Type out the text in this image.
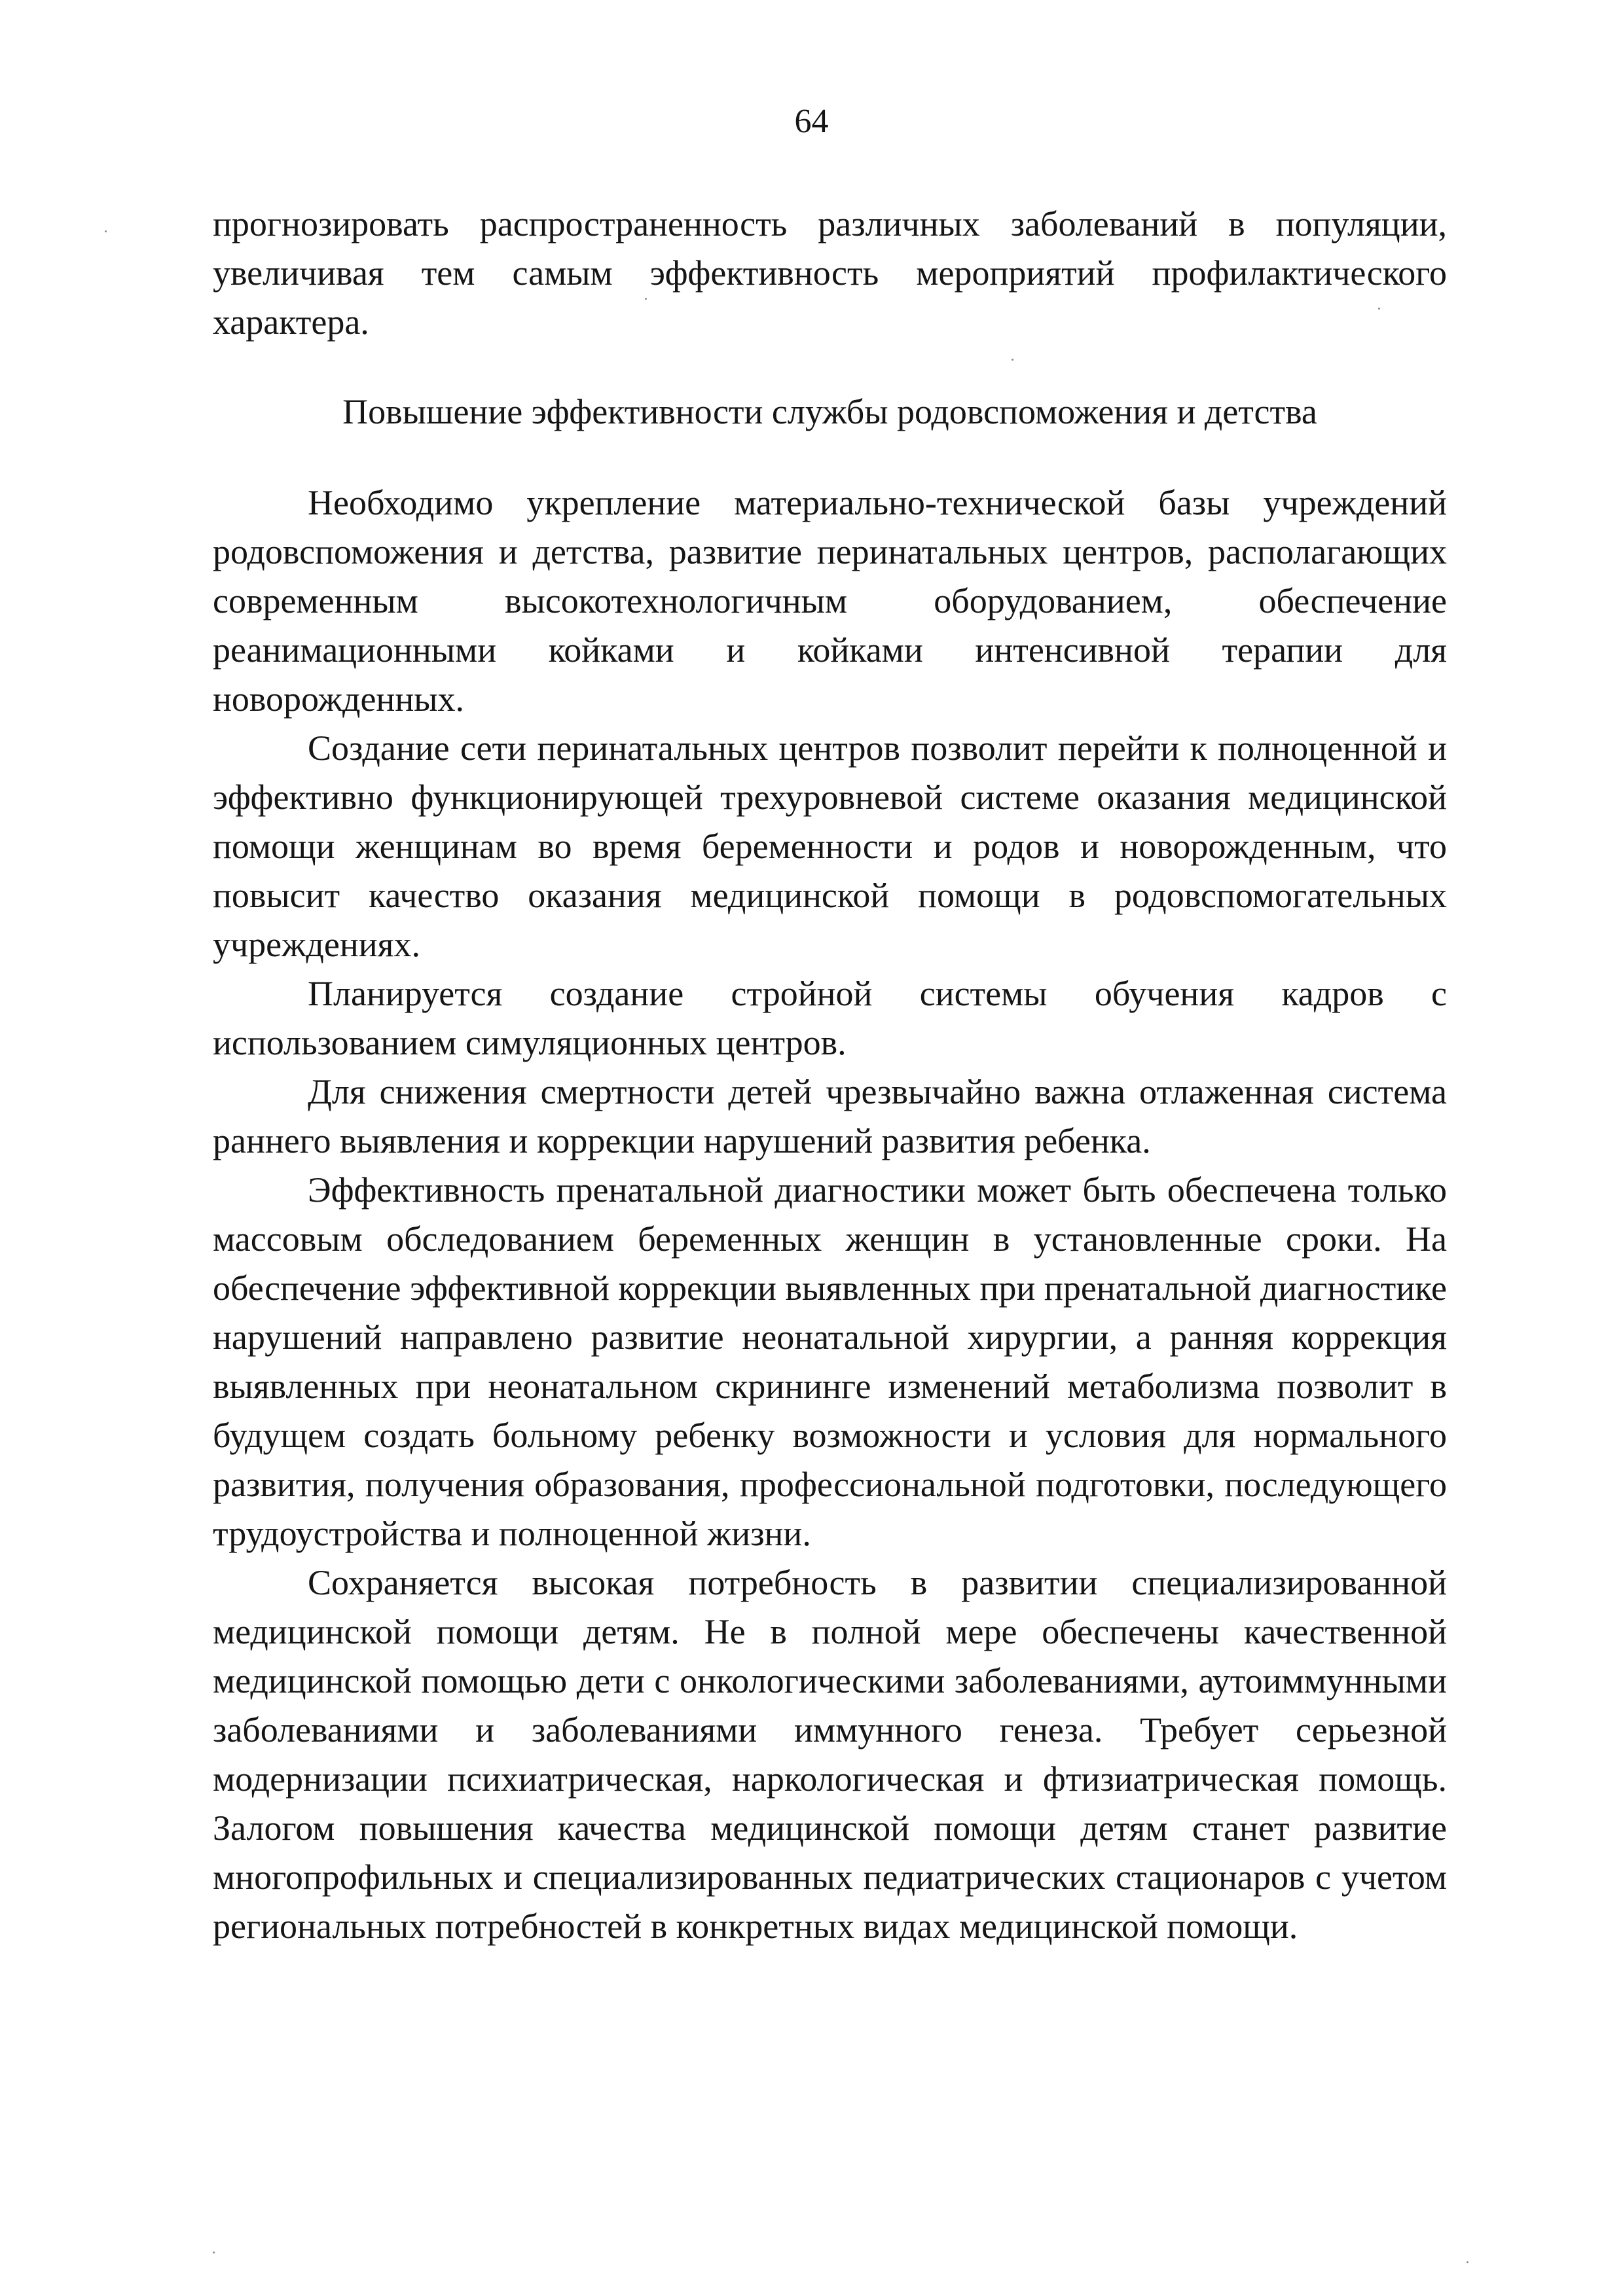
64

прогнозировать распространенность различных заболеваний в популяции, увеличивая тем самым эффективность мероприятий профилактического характера.

Повышение эффективности службы родовспоможения и детства

Необходимо укрепление материально-технической базы учреждений родовспоможения и детства, развитие перинатальных центров, располагающих современным высокотехнологичным оборудованием, обеспечение реанимационными койками и койками интенсивной терапии для новорожденных.

Создание сети перинатальных центров позволит перейти к полноценной и эффективно функционирующей трехуровневой системе оказания медицинской помощи женщинам во время беременности и родов и новорожденным, что повысит качество оказания медицинской помощи в родовспомогательных учреждениях.

Планируется создание стройной системы обучения кадров с использованием симуляционных центров.

Для снижения смертности детей чрезвычайно важна отлаженная система раннего выявления и коррекции нарушений развития ребенка.

Эффективность пренатальной диагностики может быть обеспечена только массовым обследованием беременных женщин в установленные сроки. На обеспечение эффективной коррекции выявленных при пренатальной диагностике нарушений направлено развитие неонатальной хирургии, а ранняя коррекция выявленных при неонатальном скрининге изменений метаболизма позволит в будущем создать больному ребенку возможности и условия для нормального развития, получения образования, профессиональной подготовки, последующего трудоустройства и полноценной жизни.

Сохраняется высокая потребность в развитии специализированной медицинской помощи детям. Не в полной мере обеспечены качественной медицинской помощью дети с онкологическими заболеваниями, аутоиммунными заболеваниями и заболеваниями иммунного генеза. Требует серьезной модернизации психиатрическая, наркологическая и фтизиатрическая помощь. Залогом повышения качества медицинской помощи детям станет развитие многопрофильных и специализированных педиатрических стационаров с учетом региональных потребностей в конкретных видах медицинской помощи.
